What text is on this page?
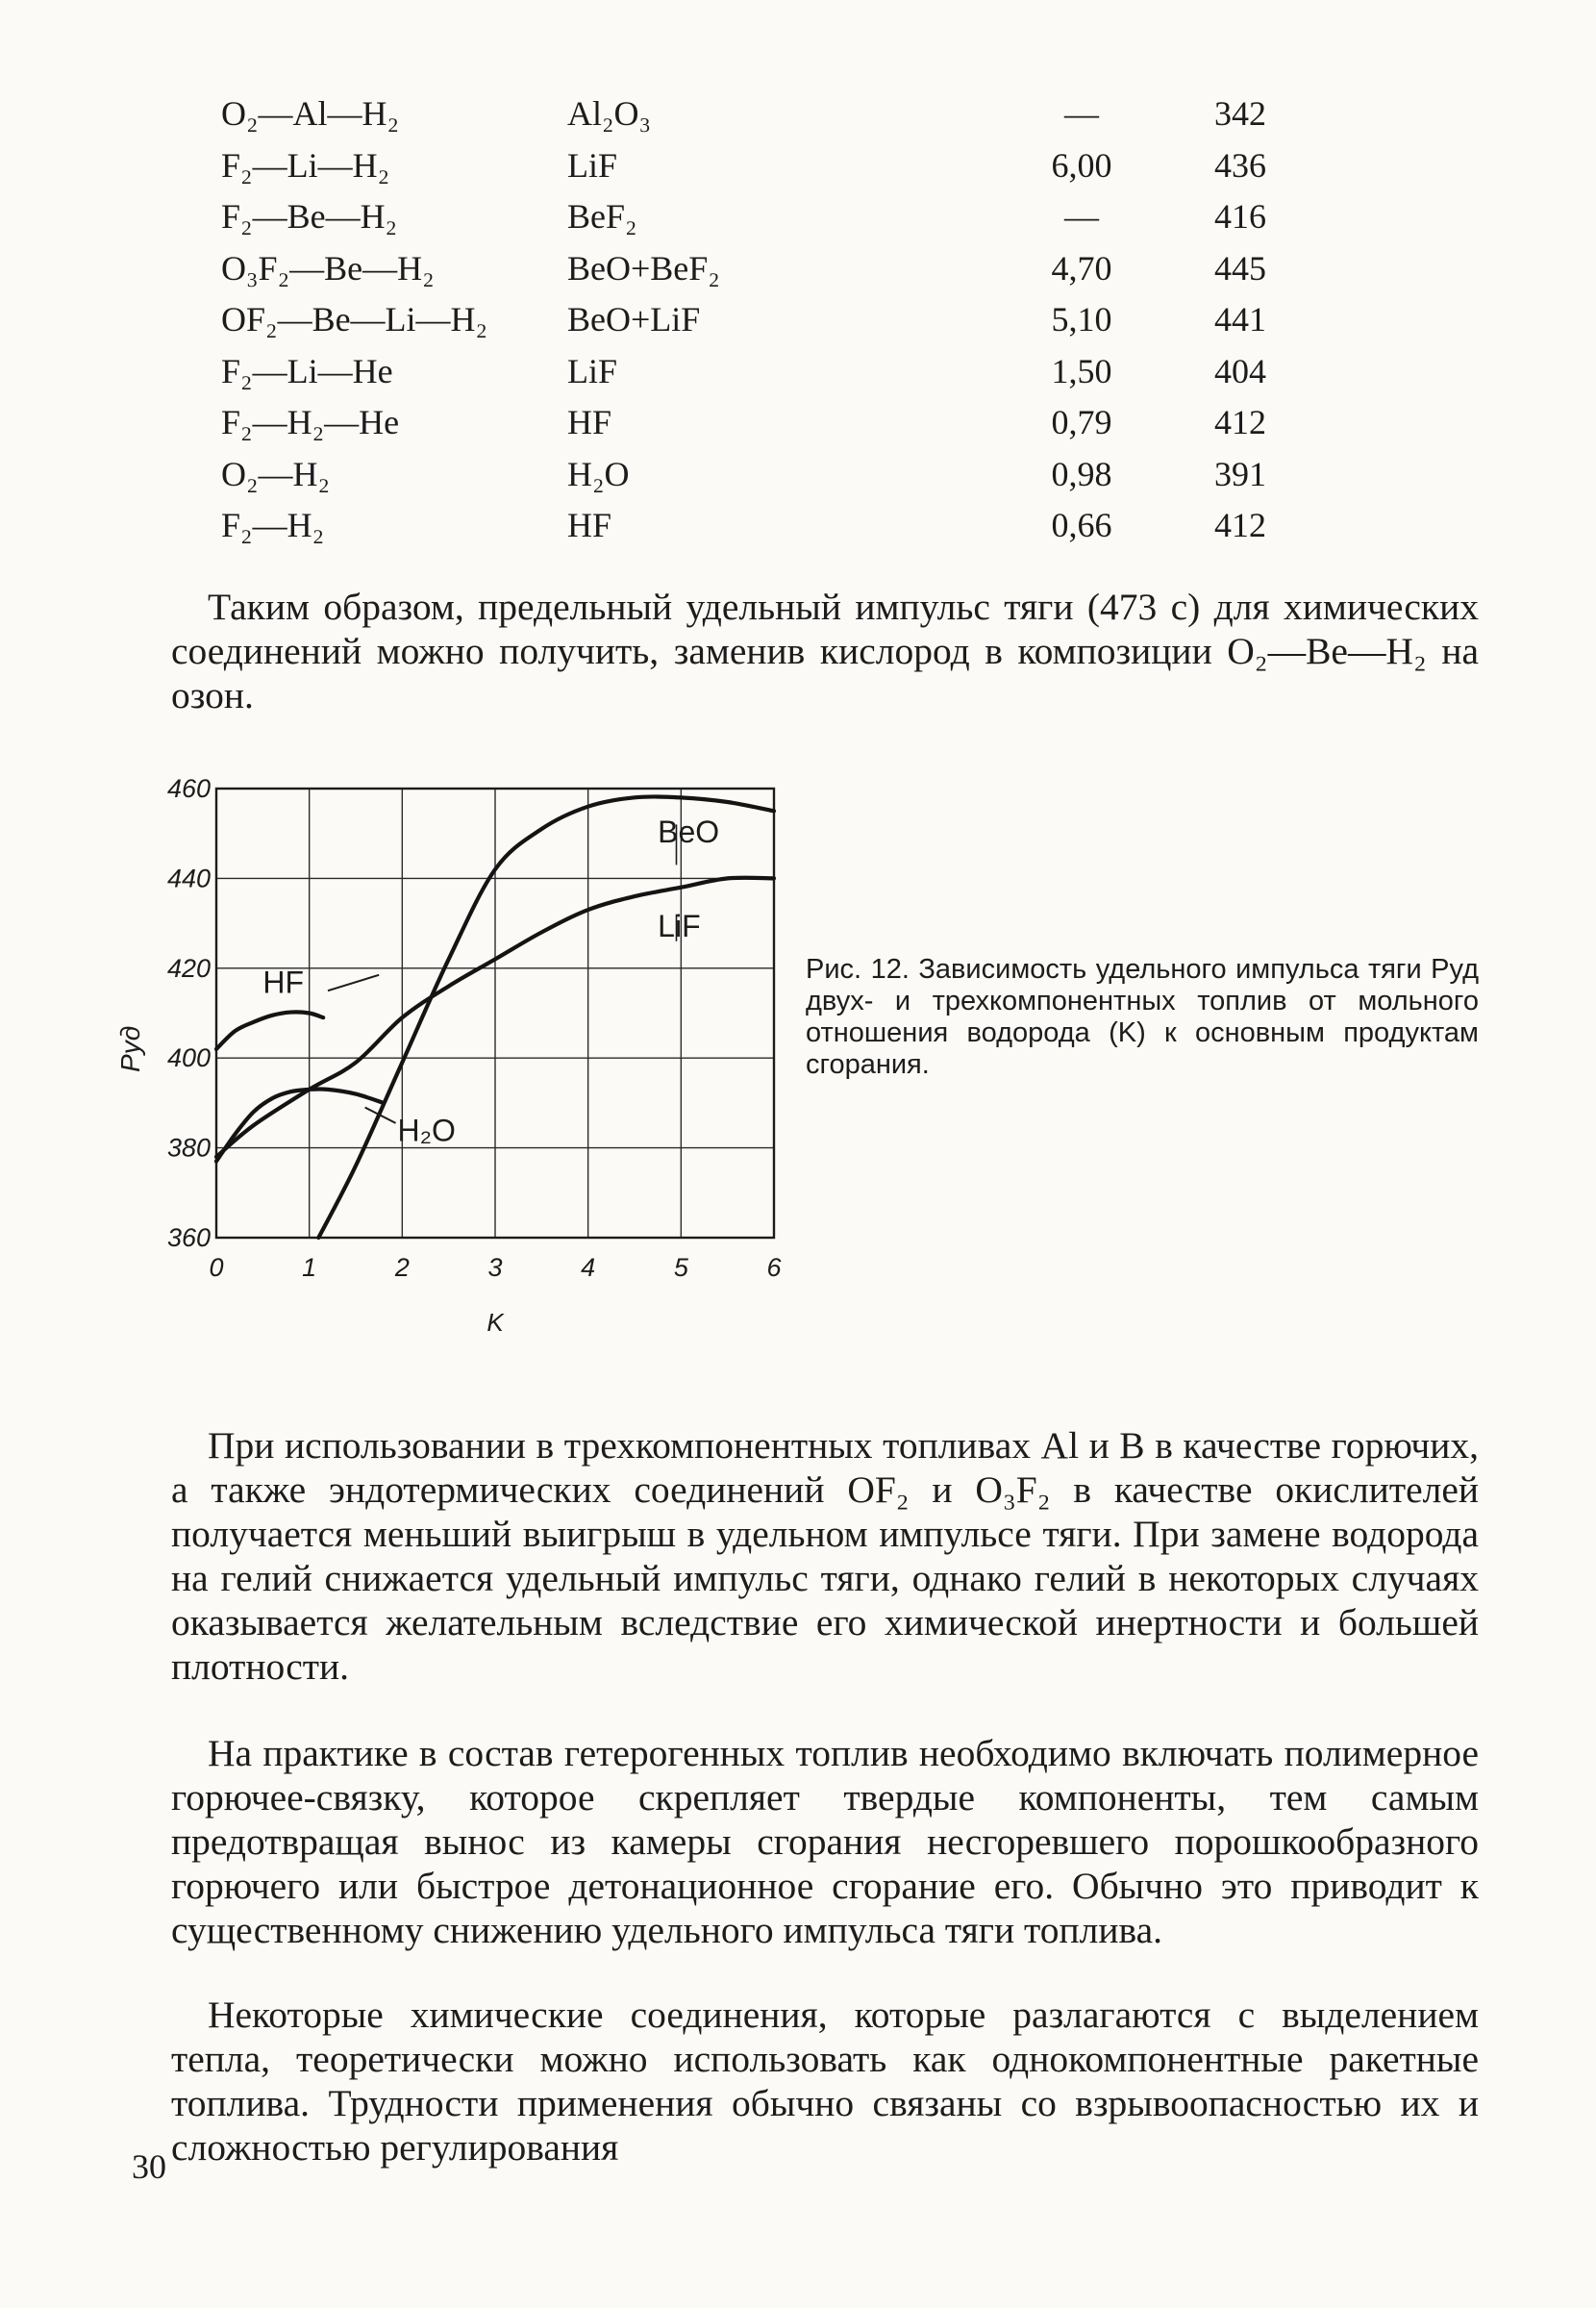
O₂—Al—H₂	Al₂O₃	—	342
F₂—Li—H₂	LiF	6,00	436
F₂—Be—H₂	BeF₂	—	416
O₃F₂—Be—H₂	BeO+BeF₂	4,70	445
OF₂—Be—Li—H₂	BeO+LiF	5,10	441
F₂—Li—He	LiF	1,50	404
F₂—H₂—He	HF	0,79	412
O₂—H₂	H₂O	0,98	391
F₂—H₂	HF	0,66	412

Таким образом, предельный удельный импульс тяги (473 с) для химических соединений можно получить, заменив кислород в композиции O₂—Be—H₂ на озон.

460
440
420
400
380
360
0	1	2	3	4	5	6
K
Pуд
BeO
LiF
HF
H₂O

Рис. 12. Зависимость удельного импульса тяги Pуд двух- и трехкомпонентных топлив от мольного отношения водорода (K) к основным продуктам сгорания.

При использовании в трехкомпонентных топливах Al и B в качестве горючих, а также эндотермических соединений OF₂ и O₃F₂ в качестве окислителей получается меньший выигрыш в удельном импульсе тяги. При замене водорода на гелий снижается удельный импульс тяги, однако гелий в некоторых случаях оказывается желательным вследствие его химической инертности и большей плотности.

На практике в состав гетерогенных топлив необходимо включать полимерное горючее-связку, которое скрепляет твердые компоненты, тем самым предотвращая вынос из камеры сгорания несгоревшего порошкообразного горючего или быстрое детонационное сгорание его. Обычно это приводит к существенному снижению удельного импульса тяги топлива.

Некоторые химические соединения, которые разлагаются с выделением тепла, теоретически можно использовать как однокомпонентные ракетные топлива. Трудности применения обычно связаны со взрывоопасностью их и сложностью регулирования

30
